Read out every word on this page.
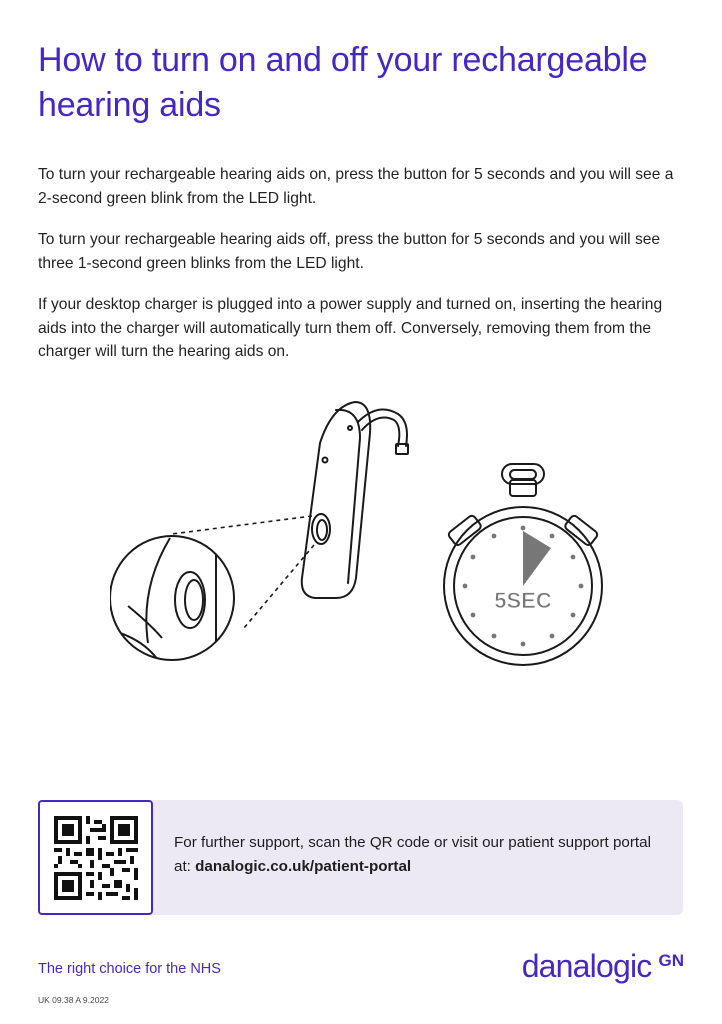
How to turn on and off your rechargeable hearing aids

To turn your rechargeable hearing aids on, press the button for 5 seconds and you will see a 2-second green blink from the LED light.

To turn your rechargeable hearing aids off, press the button for 5 seconds and you will see three 1-second green blinks from the LED light.

If your desktop charger is plugged into a power supply and turned on, inserting the hearing aids into the charger will automatically turn them off. Conversely, removing them from the charger will turn the hearing aids on.

5SEC
For further support, scan the QR code or visit our patient support portal at: danalogic.co.uk/patient-portal

The right choice for the NHS	danalogic GN

UK 09.38 A 9.2022
